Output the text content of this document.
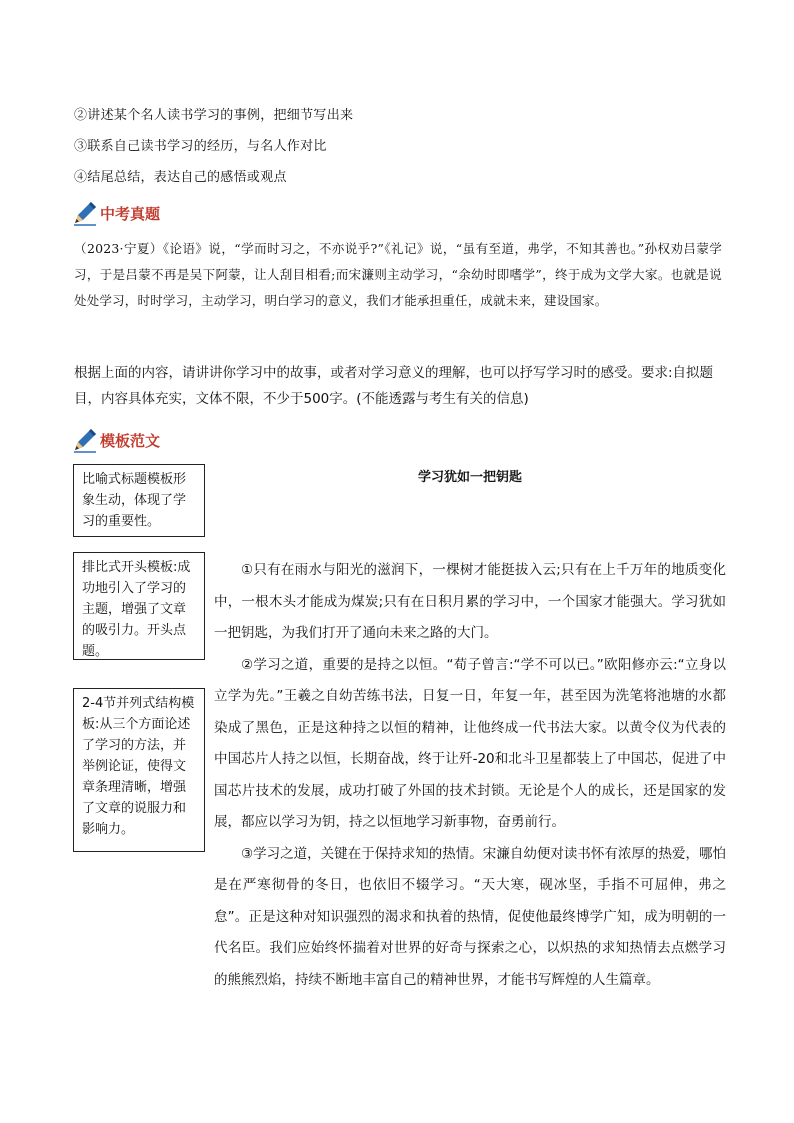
②讲述某个名人读书学习的事例，把细节写出来
③联系自己读书学习的经历，与名人作对比
④结尾总结，表达自己的感悟或观点
中考真题

（2023·宁夏）《论语》说，“学而时习之，不亦说乎?”《礼记》说，“虽有至道，弗学，不知其善也。”孙权劝吕蒙学习，于是吕蒙不再是吴下阿蒙，让人刮目相看;而宋濂则主动学习，“余幼时即嗜学”，终于成为文学大家。也就是说处处学习，时时学习，主动学习，明白学习的意义，我们才能承担重任，成就未来，建设国家。

根据上面的内容，请讲讲你学习中的故事，或者对学习意义的理解，也可以抒写学习时的感受。要求:自拟题目，内容具体充实，文体不限，不少于500字。(不能透露与考生有关的信息)

模板范文
比喻式标题模板形象生动，体现了学习的重要性。
排比式开头模板:成功地引入了学习的主题，增强了文章的吸引力。开头点题。
2-4节并列式结构模板:从三个方面论述了学习的方法，并举例论证，使得文章条理清晰，增强了文章的说服力和影响力。
学习犹如一把钥匙

①只有在雨水与阳光的滋润下，一棵树才能挺拔入云;只有在上千万年的地质变化中，一根木头才能成为煤炭;只有在日积月累的学习中，一个国家才能强大。学习犹如一把钥匙，为我们打开了通向未来之路的大门。

②学习之道，重要的是持之以恒。“荀子曾言:“学不可以已。”欧阳修亦云:“立身以立学为先。”王羲之自幼苦练书法，日复一日，年复一年，甚至因为洗笔将池塘的水都染成了黑色，正是这种持之以恒的精神，让他终成一代书法大家。以黄令仪为代表的中国芯片人持之以恒，长期奋战，终于让歼-20和北斗卫星都装上了中国芯，促进了中国芯片技术的发展，成功打破了外国的技术封锁。无论是个人的成长，还是国家的发展，都应以学习为钥，持之以恒地学习新事物，奋勇前行。

③学习之道，关键在于保持求知的热情。宋濂自幼便对读书怀有浓厚的热爱，哪怕是在严寒彻骨的冬日，也依旧不辍学习。“天大寒，砚冰坚，手指不可屈伸，弗之怠”。正是这种对知识强烈的渴求和执着的热情，促使他最终博学广知，成为明朝的一代名臣。我们应始终怀揣着对世界的好奇与探索之心，以炽热的求知热情去点燃学习的熊熊烈焰，持续不断地丰富自己的精神世界，才能书写辉煌的人生篇章。
